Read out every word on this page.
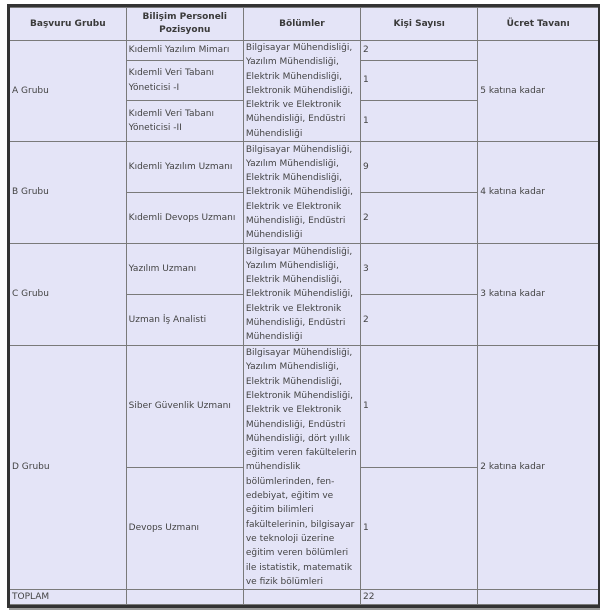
Başvuru Grubu	Bilişim Personeli Pozisyonu	Bölümler	Kişi Sayısı	Ücret Tavanı
A Grubu	Kıdemli Yazılım Mimarı	Bilgisayar Mühendisliği, Yazılım Mühendisliği, Elektrik Mühendisliği, Elektronik Mühendisliği, Elektrik ve Elektronik Mühendisliği, Endüstri Mühendisliği	2	5 katına kadar
	Kıdemli Veri Tabanı Yöneticisi -I		1	
	Kıdemli Veri Tabanı Yöneticisi -II		1	
B Grubu	Kıdemli Yazılım Uzmanı	Bilgisayar Mühendisliği, Yazılım Mühendisliği, Elektrik Mühendisliği, Elektronik Mühendisliği, Elektrik ve Elektronik Mühendisliği, Endüstri Mühendisliği	9	4 katına kadar
	Kıdemli Devops Uzmanı		2	
C Grubu	Yazılım Uzmanı	Bilgisayar Mühendisliği, Yazılım Mühendisliği, Elektrik Mühendisliği, Elektronik Mühendisliği, Elektrik ve Elektronik Mühendisliği, Endüstri Mühendisliği	3	3 katına kadar
	Uzman İş Analisti		2	
D Grubu	Siber Güvenlik Uzmanı	Bilgisayar Mühendisliği, Yazılım Mühendisliği, Elektrik Mühendisliği, Elektronik Mühendisliği, Elektrik ve Elektronik Mühendisliği, Endüstri Mühendisliği, dört yıllık eğitim veren fakültelerin mühendislik bölümlerinden, fen-edebiyat, eğitim ve eğitim bilimleri fakültelerinin, bilgisayar ve teknoloji üzerine eğitim veren bölümleri ile istatistik, matematik ve fizik bölümleri	1	2 katına kadar
	Devops Uzmanı		1	
TOPLAM			22	
